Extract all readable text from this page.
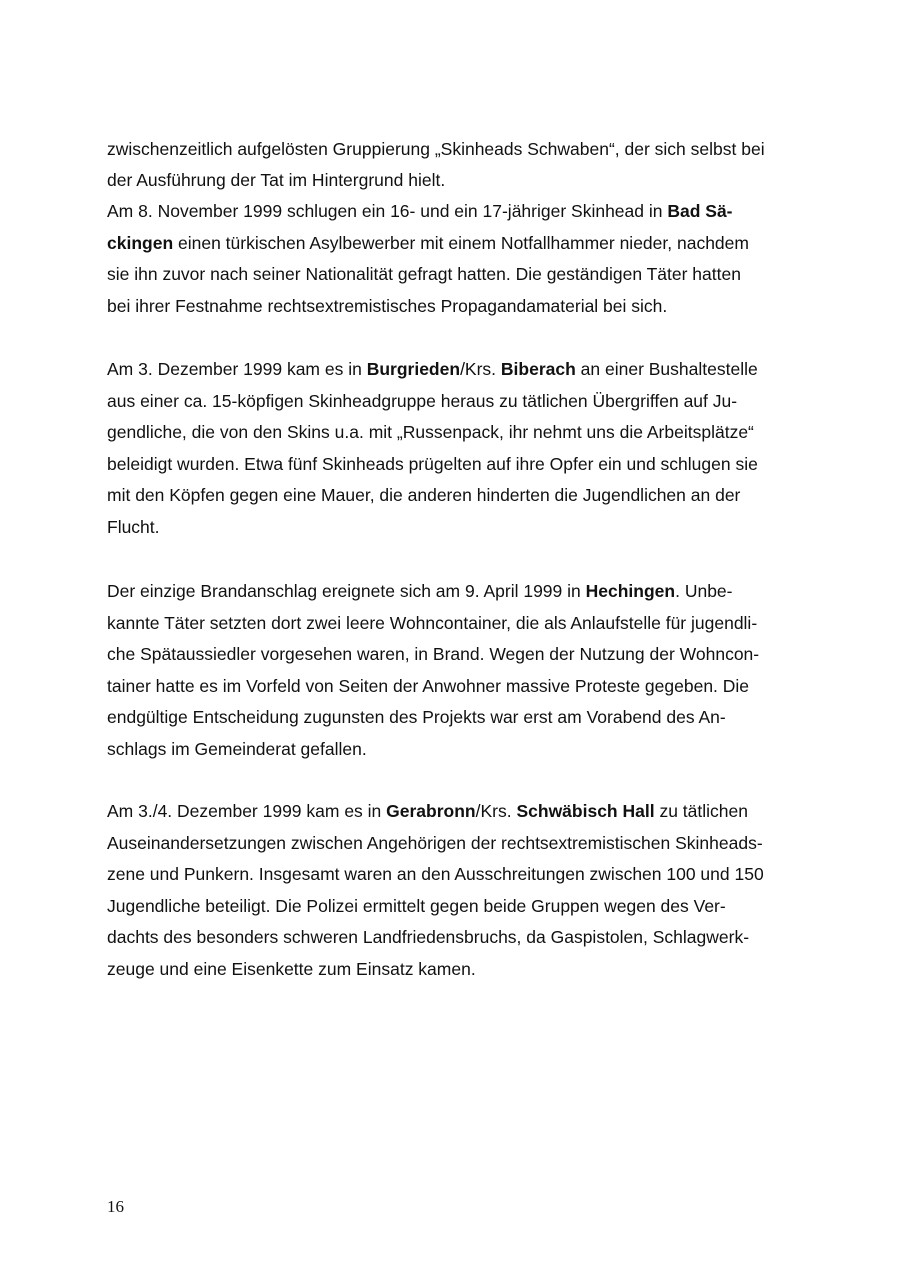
zwischenzeitlich aufgelösten Gruppierung „Skinheads Schwaben“, der sich selbst bei
der Ausführung der Tat im Hintergrund hielt.

Am 8. November 1999 schlugen ein 16- und ein 17-jähriger Skinhead in Bad Sä-
ckingen einen türkischen Asylbewerber mit einem Notfallhammer nieder, nachdem
sie ihn zuvor nach seiner Nationalität gefragt hatten. Die geständigen Täter hatten
bei ihrer Festnahme rechtsextremistisches Propagandamaterial bei sich.

Am 3. Dezember 1999 kam es in Burgrieden/Krs. Biberach an einer Bushaltestelle
aus einer ca. 15-köpfigen Skinheadgruppe heraus zu tätlichen Übergriffen auf Ju-
gendliche, die von den Skins u.a. mit „Russenpack, ihr nehmt uns die Arbeitsplätze“
beleidigt wurden. Etwa fünf Skinheads prügelten auf ihre Opfer ein und schlugen sie
mit den Köpfen gegen eine Mauer, die anderen hinderten die Jugendlichen an der
Flucht.

Der einzige Brandanschlag ereignete sich am 9. April 1999 in Hechingen. Unbe-
kannte Täter setzten dort zwei leere Wohncontainer, die als Anlaufstelle für jugendli-
che Spätaussiedler vorgesehen waren, in Brand. Wegen der Nutzung der Wohncon-
tainer hatte es im Vorfeld von Seiten der Anwohner massive Proteste gegeben. Die
endgültige Entscheidung zugunsten des Projekts war erst am Vorabend des An-
schlags im Gemeinderat gefallen.

Am 3./4. Dezember 1999 kam es in Gerabronn/Krs. Schwäbisch Hall zu tätlichen
Auseinandersetzungen zwischen Angehörigen der rechtsextremistischen Skinheads-
zene und Punkern. Insgesamt waren an den Ausschreitungen zwischen 100 und 150
Jugendliche beteiligt. Die Polizei ermittelt gegen beide Gruppen wegen des Ver-
dachts des besonders schweren Landfriedensbruchs, da Gaspistolen, Schlagwerk-
zeuge und eine Eisenkette zum Einsatz kamen.

16
